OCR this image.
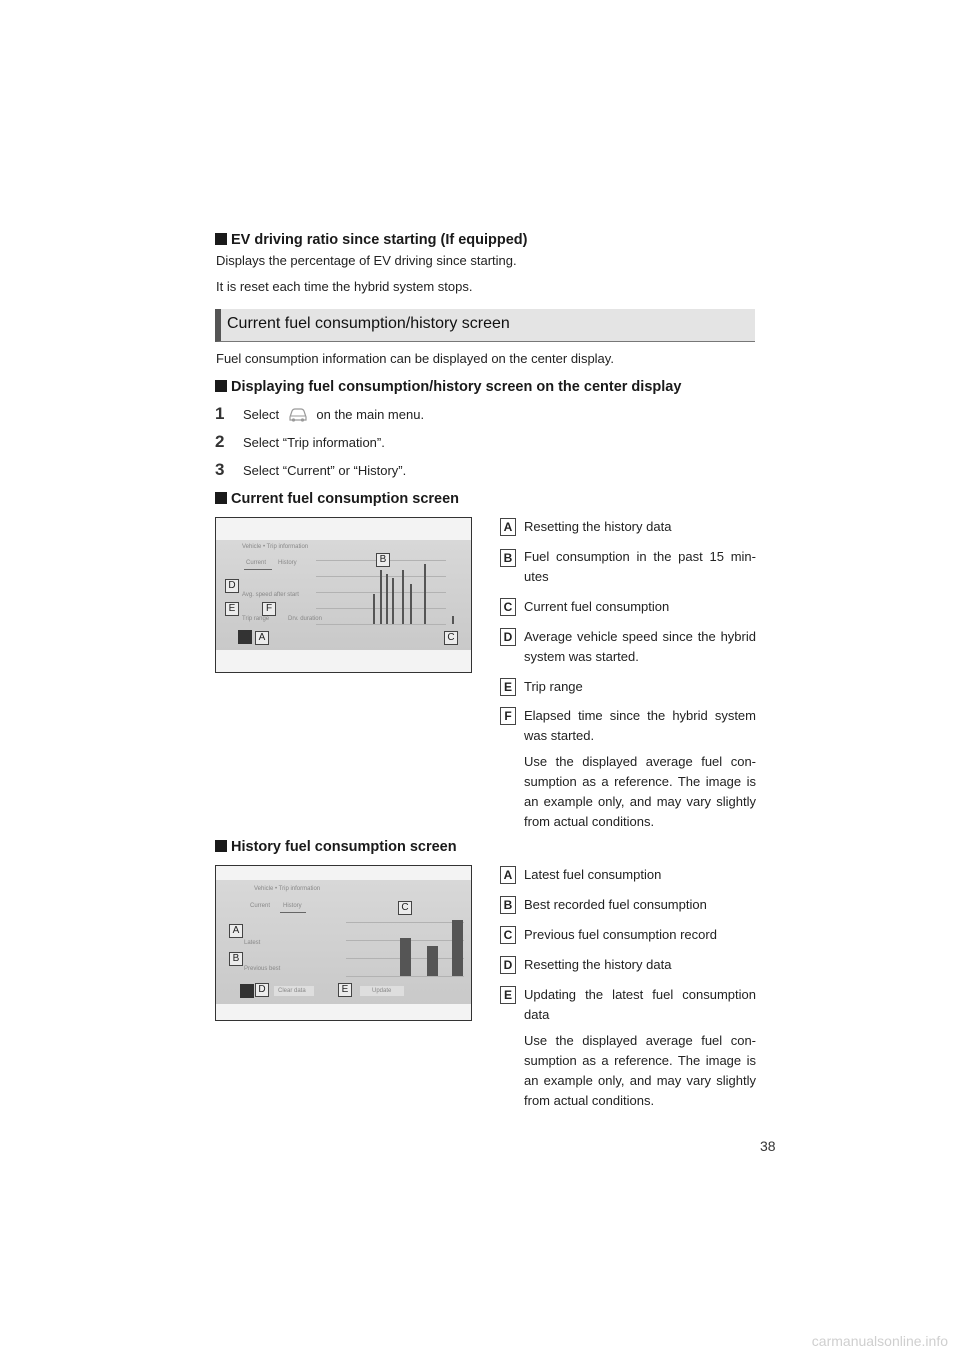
EV driving ratio since starting (If equipped)
Displays the percentage of EV driving since starting.
It is reset each time the hybrid system stops.
Current fuel consumption/history screen
Fuel consumption information can be displayed on the center display.
Displaying fuel consumption/history screen on the center display
1 Select	on the main menu.
2 Select “Trip information”.
3 Select “Current” or “History”.
Current fuel consumption screen
Vehicle • Trip information
Current History
Avg. speed after start
Trip range	Drv. duration
B
D
E	F
A	C
A Resetting the history data
B Fuel consumption in the past 15 min-utes
C Current fuel consumption
D Average vehicle speed since the hybrid system was started.
E Trip range
F Elapsed time since the hybrid system was started.
Use the displayed average fuel con-sumption as a reference. The image is an example only, and may vary slightly from actual conditions.
History fuel consumption screen
Vehicle • Trip information
Current History
Latest
Previous best
Clear data	Update
C
A
B
D	E
A Latest fuel consumption
B Best recorded fuel consumption
C Previous fuel consumption record
D Resetting the history data
E Updating the latest fuel consumption data
Use the displayed average fuel con-sumption as a reference. The image is an example only, and may vary slightly from actual conditions.
38
carmanualsonline.info
